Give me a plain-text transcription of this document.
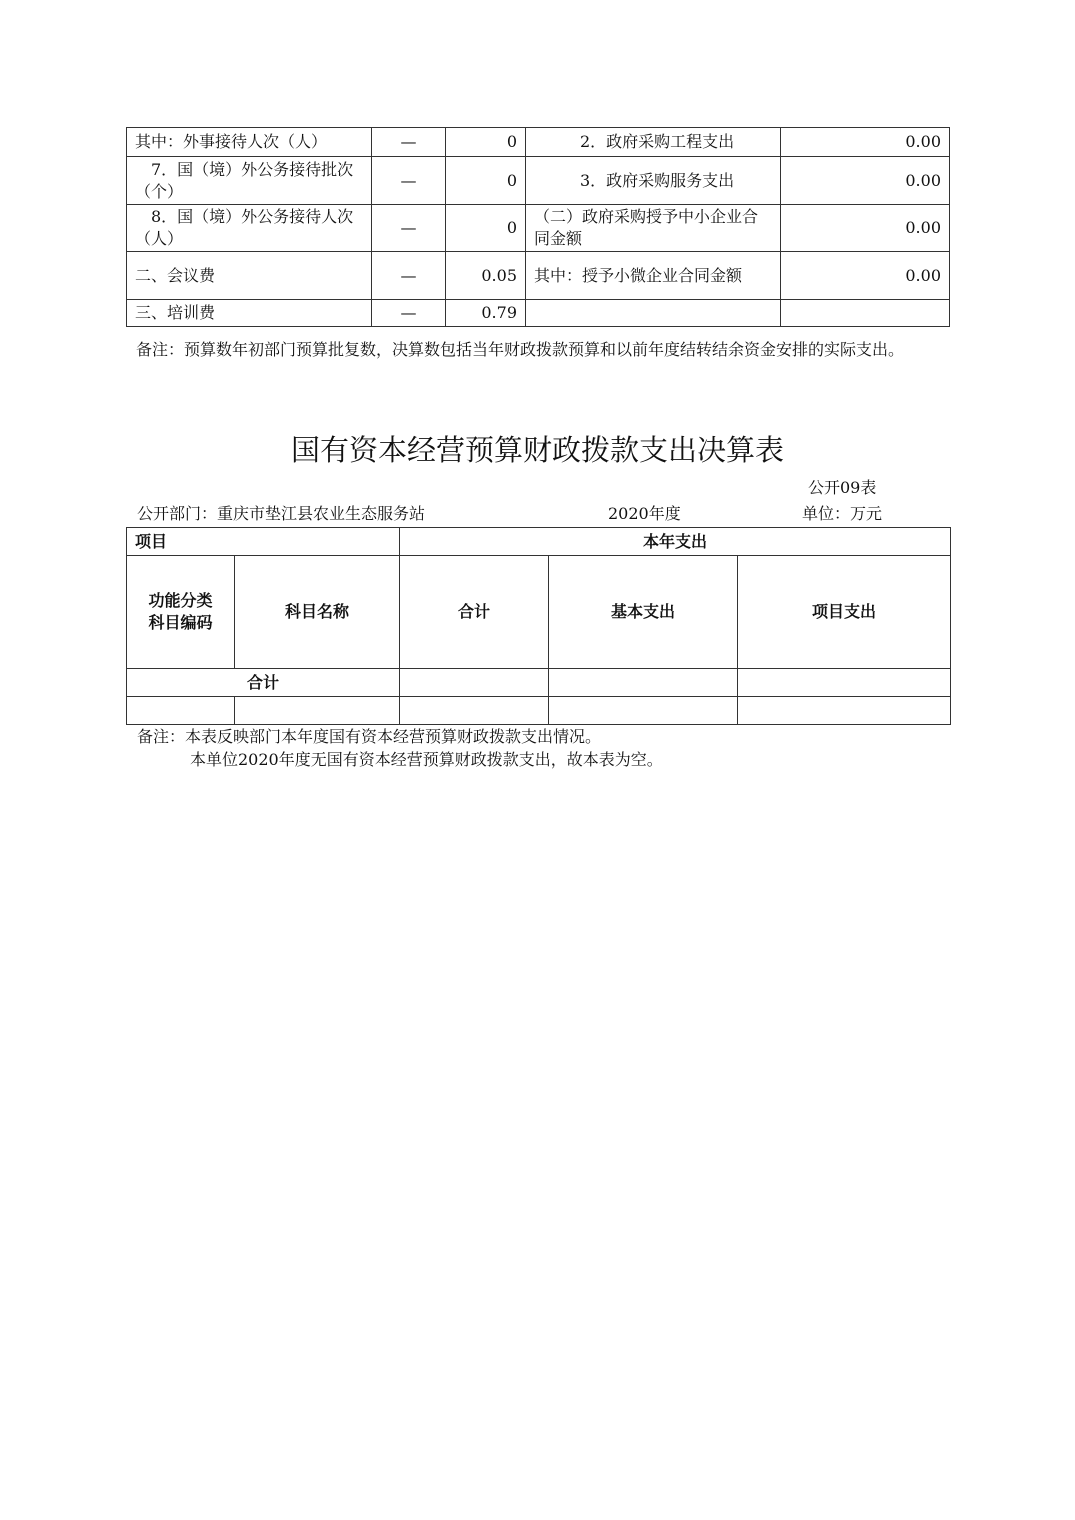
其中：外事接待人次（人）	—	0	2．政府采购工程支出	0.00
　7．国（境）外公务接待批次（个）	—	0	3．政府采购服务支出	0.00
　8．国（境）外公务接待人次（人）	—	0	（二）政府采购授予中小企业合同金额	0.00
二、会议费	—	0.05	其中：授予小微企业合同金额	0.00
三、培训费	—	0.79		
备注：预算数年初部门预算批复数，决算数包括当年财政拨款预算和以前年度结转结余资金安排的实际支出。
国有资本经营预算财政拨款支出决算表
公开09表
公开部门：重庆市垫江县农业生态服务站	2020年度	单位：万元
项目		本年支出		
功能分类科目编码	科目名称	合计	基本支出	项目支出
合计				

备注：本表反映部门本年度国有资本经营预算财政拨款支出情况。
本单位2020年度无国有资本经营预算财政拨款支出，故本表为空。
